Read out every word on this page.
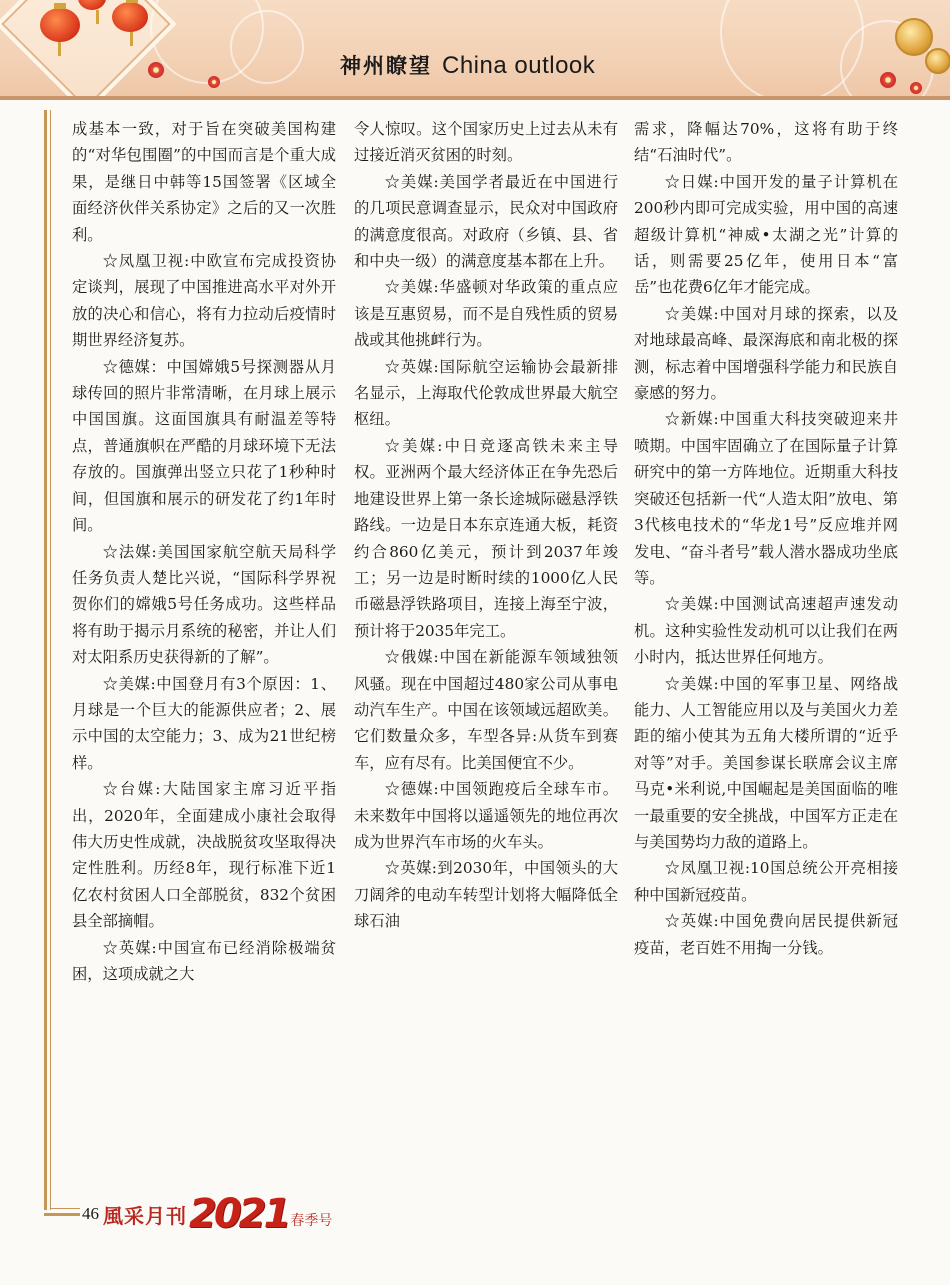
神州瞭望 China outlook

成基本一致，对于旨在突破美国构建的“对华包围圈”的中国而言是个重大成果，是继日中韩等15国签署《区域全面经济伙伴关系协定》之后的又一次胜利。

☆凤凰卫视:中欧宣布完成投资协定谈判，展现了中国推进高水平对外开放的决心和信心，将有力拉动后疫情时期世界经济复苏。

☆德媒：中国嫦娥5号探测器从月球传回的照片非常清晰，在月球上展示中国国旗。这面国旗具有耐温差等特点，普通旗帜在严酷的月球环境下无法存放的。国旗弹出竖立只花了1秒种时间，但国旗和展示的研发花了约1年时间。

☆法媒:美国国家航空航天局科学任务负责人楚比兴说，“国际科学界祝贺你们的嫦娥5号任务成功。这些样品将有助于揭示月系统的秘密，并让人们对太阳系历史获得新的了解”。

☆美媒:中国登月有3个原因：1、月球是一个巨大的能源供应者；2、展示中国的太空能力；3、成为21世纪榜样。

☆台媒:大陆国家主席习近平指出，2020年，全面建成小康社会取得伟大历史性成就，决战脱贫攻坚取得决定性胜利。历经8年，现行标准下近1亿农村贫困人口全部脱贫，832个贫困县全部摘帽。

☆英媒:中国宣布已经消除极端贫困，这项成就之大

令人惊叹。这个国家历史上过去从未有过接近消灭贫困的时刻。

☆美媒:美国学者最近在中国进行的几项民意调查显示，民众对中国政府的满意度很高。对政府（乡镇、县、省和中央一级）的满意度基本都在上升。

☆美媒:华盛顿对华政策的重点应该是互惠贸易，而不是自残性质的贸易战或其他挑衅行为。

☆英媒:国际航空运输协会最新排名显示，上海取代伦敦成世界最大航空枢纽。

☆美媒:中日竞逐高铁未来主导权。亚洲两个最大经济体正在争先恐后地建设世界上第一条长途城际磁悬浮铁路线。一边是日本东京连通大板，耗资约合860亿美元，预计到2037年竣工；另一边是时断时续的1000亿人民币磁悬浮铁路项目，连接上海至宁波，预计将于2035年完工。

☆俄媒:中国在新能源车领域独领风骚。现在中国超过480家公司从事电动汽车生产。中国在该领域远超欧美。它们数量众多，车型各异:从货车到赛车，应有尽有。比美国便宜不少。

☆德媒:中国领跑疫后全球车市。未来数年中国将以遥遥领先的地位再次成为世界汽车市场的火车头。

☆英媒:到2030年，中国领头的大刀阔斧的电动车转型计划将大幅降低全球石油

需求，降幅达70%，这将有助于终结“石油时代”。

☆日媒:中国开发的量子计算机在200秒内即可完成实验，用中国的高速超级计算机“神威•太湖之光”计算的话，则需要25亿年，使用日本“富岳”也花费6亿年才能完成。

☆美媒:中国对月球的探索，以及对地球最高峰、最深海底和南北极的探测，标志着中国增强科学能力和民族自豪感的努力。

☆新媒:中国重大科技突破迎来井喷期。中国牢固确立了在国际量子计算研究中的第一方阵地位。近期重大科技突破还包括新一代“人造太阳”放电、第3代核电技术的“华龙1号”反应堆并网发电、“奋斗者号”载人潜水器成功坐底等。

☆美媒:中国测试高速超声速发动机。这种实验性发动机可以让我们在两小时内，抵达世界任何地方。

☆美媒:中国的军事卫星、网络战能力、人工智能应用以及与美国火力差距的缩小使其为五角大楼所谓的“近乎对等”对手。美国参谋长联席会议主席马克•米利说,中国崛起是美国面临的唯一最重要的安全挑战，中国军方正走在与美国势均力敌的道路上。

☆凤凰卫视:10国总统公开亮相接种中国新冠疫苗。

☆英媒:中国免费向居民提供新冠疫苗，老百姓不用掏一分钱。

46 風采月刊 2021 春季号
